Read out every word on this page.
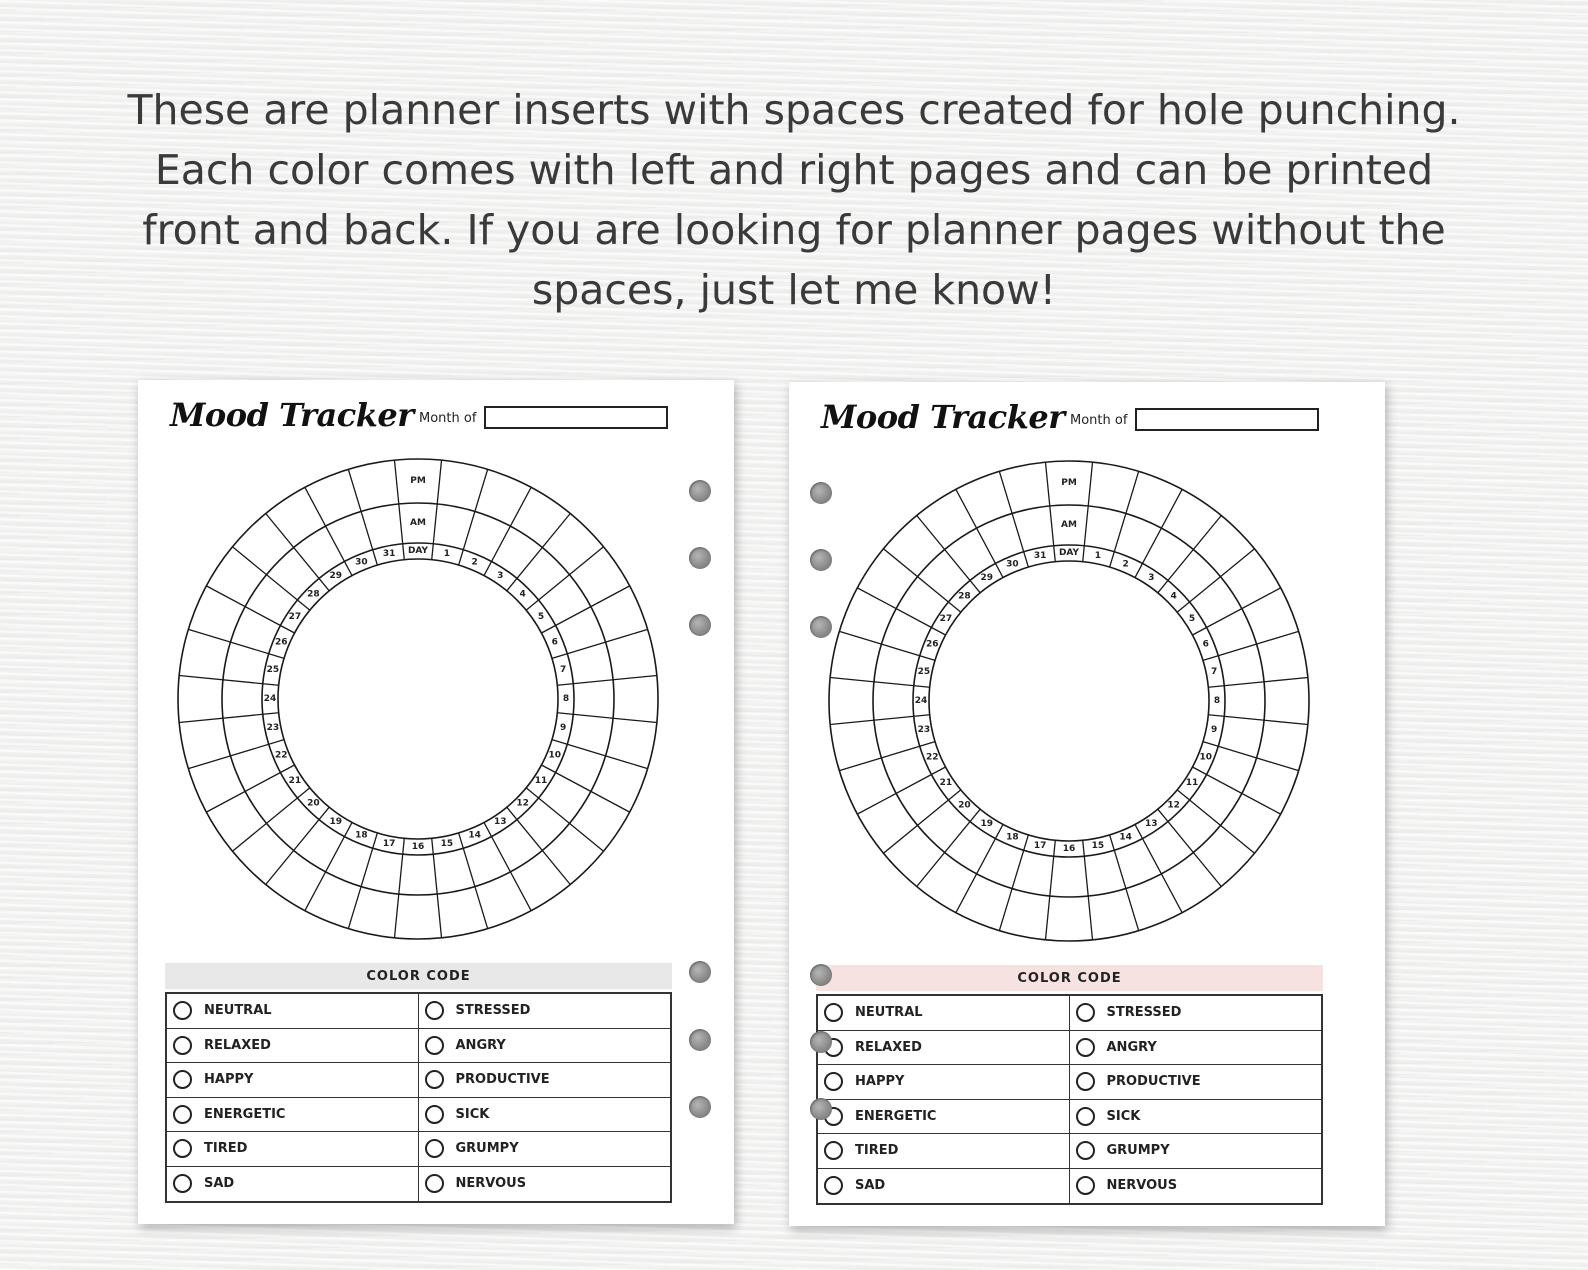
These are planner inserts with spaces created for hole punching.
Each color comes with left and right pages and can be printed
front and back. If you are looking for planner pages without the
spaces, just let me know!
Mood Tracker Month of
DAY
AM
PM
1
2
3
4
5
6
7
8
9
10
11
12
13
14
15
16
17
18
19
20
21
22
23
24
25
26
27
28
29
30
31
COLOR CODE
NEUTRAL	STRESSED
RELAXED	ANGRY
HAPPY	PRODUCTIVE
ENERGETIC	SICK
TIRED	GRUMPY
SAD	NERVOUS
Mood Tracker Month of
DAY
AM
PM
1
2
3
4
5
6
7
8
9
10
11
12
13
14
15
16
17
18
19
20
21
22
23
24
25
26
27
28
29
30
31
COLOR CODE
NEUTRAL	STRESSED
RELAXED	ANGRY
HAPPY	PRODUCTIVE
ENERGETIC	SICK
TIRED	GRUMPY
SAD	NERVOUS
